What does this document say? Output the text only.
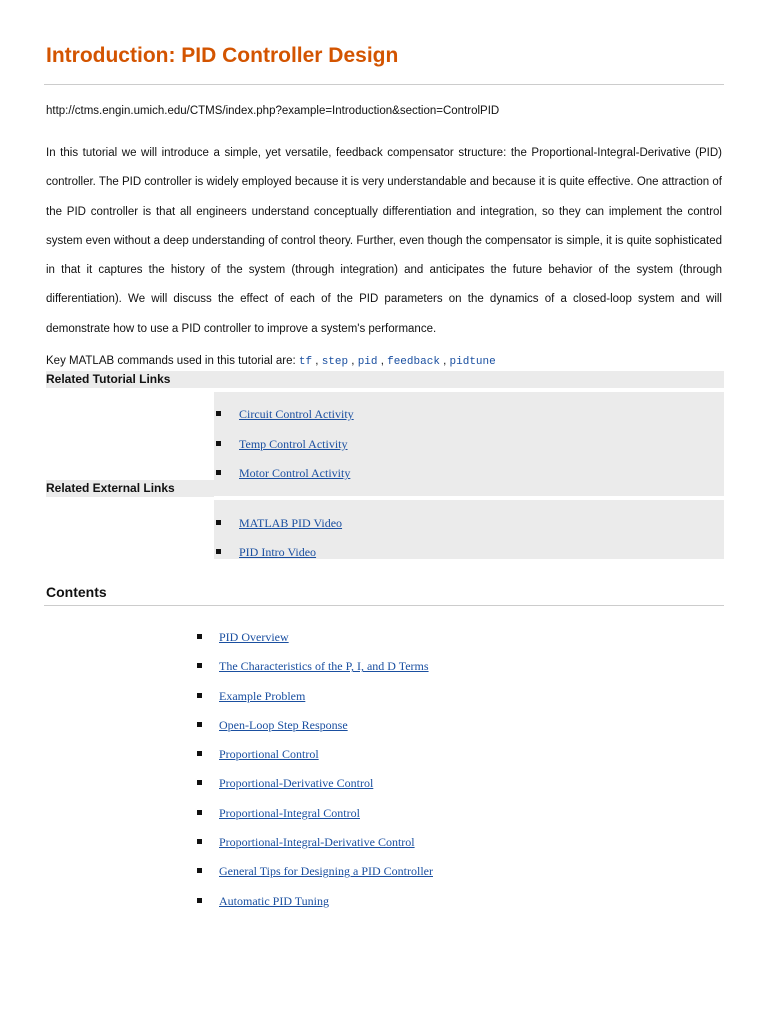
Introduction: PID Controller Design
http://ctms.engin.umich.edu/CTMS/index.php?example=Introduction&section=ControlPID

In this tutorial we will introduce a simple, yet versatile, feedback compensator structure: the Proportional-Integral-Derivative (PID) controller. The PID controller is widely employed because it is very understandable and because it is quite effective. One attraction of the PID controller is that all engineers understand conceptually differentiation and integration, so they can implement the control system even without a deep understanding of control theory. Further, even though the compensator is simple, it is quite sophisticated in that it captures the history of the system (through integration) and anticipates the future behavior of the system (through differentiation). We will discuss the effect of each of the PID parameters on the dynamics of a closed-loop system and will demonstrate how to use a PID controller to improve a system's performance.

Key MATLAB commands used in this tutorial are: tf , step , pid , feedback , pidtune
Related Tutorial Links
Circuit Control Activity
Temp Control Activity
Motor Control Activity
Related External Links
MATLAB PID Video
PID Intro Video
Contents
PID Overview
The Characteristics of the P, I, and D Terms
Example Problem
Open-Loop Step Response
Proportional Control
Proportional-Derivative Control
Proportional-Integral Control
Proportional-Integral-Derivative Control
General Tips for Designing a PID Controller
Automatic PID Tuning
